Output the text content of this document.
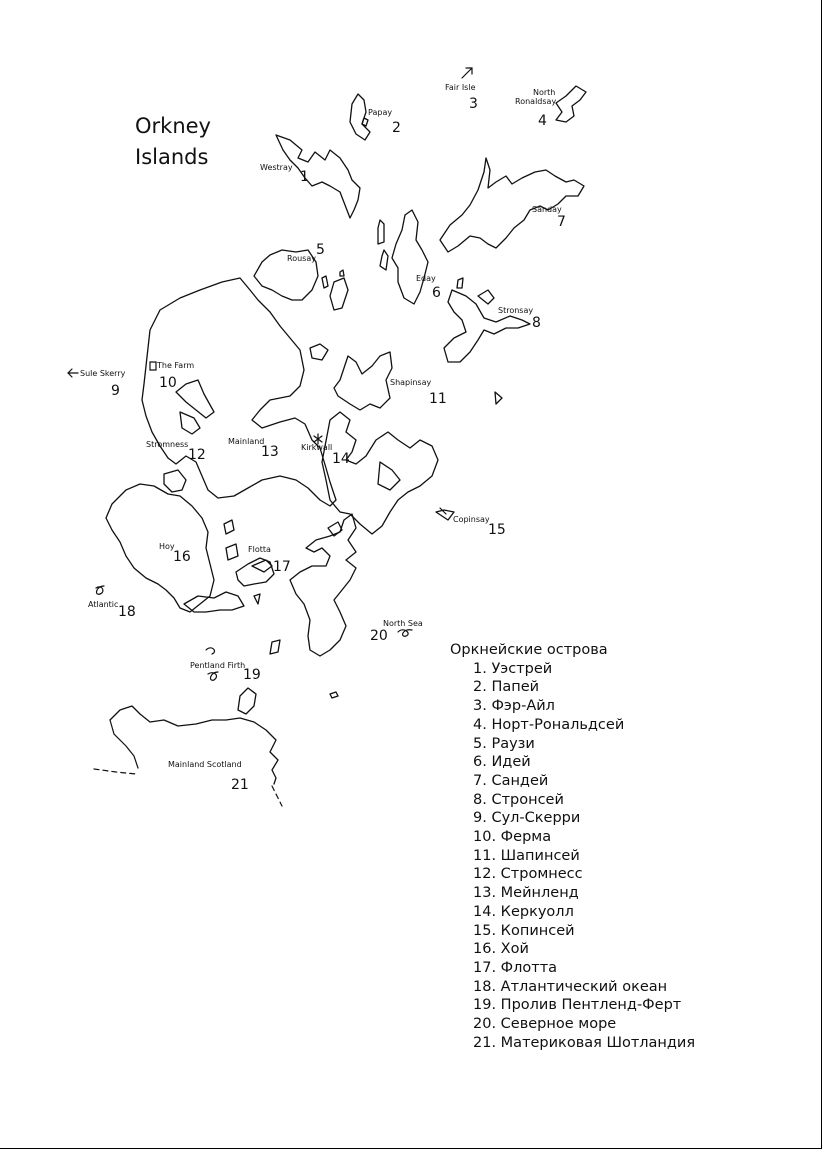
Orkney
Islands	Westray
Papay
Fair Isle
North
Ronaldsay
Rousay
Eday
Sanday
Stronsay
Sule Skerry
The Farm
Shapinsay
Stromness	Mainland
Kirkwall
Copinsay
Hoy	Flotta
Atlantic
North Sea
Pentland Firth
Mainland Scotland
1
2
3
4
5
6
7
8
9	10
11
12	13	14
15
16
17
18
19
20
21

Оркнейские острова

1. Уэстрей
2. Папей
3. Фэр-Айл
4. Норт-Рональдсей
5. Раузи
6. Идей
7. Сандей
8. Стронсей
9. Сул-Скерри
10. Ферма
11. Шапинсей
12. Стромнесс
13. Мейнленд
14. Керкуолл
15. Копинсей
16. Хой
17. Флотта
18. Атлантический океан
19. Пролив Пентленд-Ферт
20. Северное море
21. Материковая Шотландия
